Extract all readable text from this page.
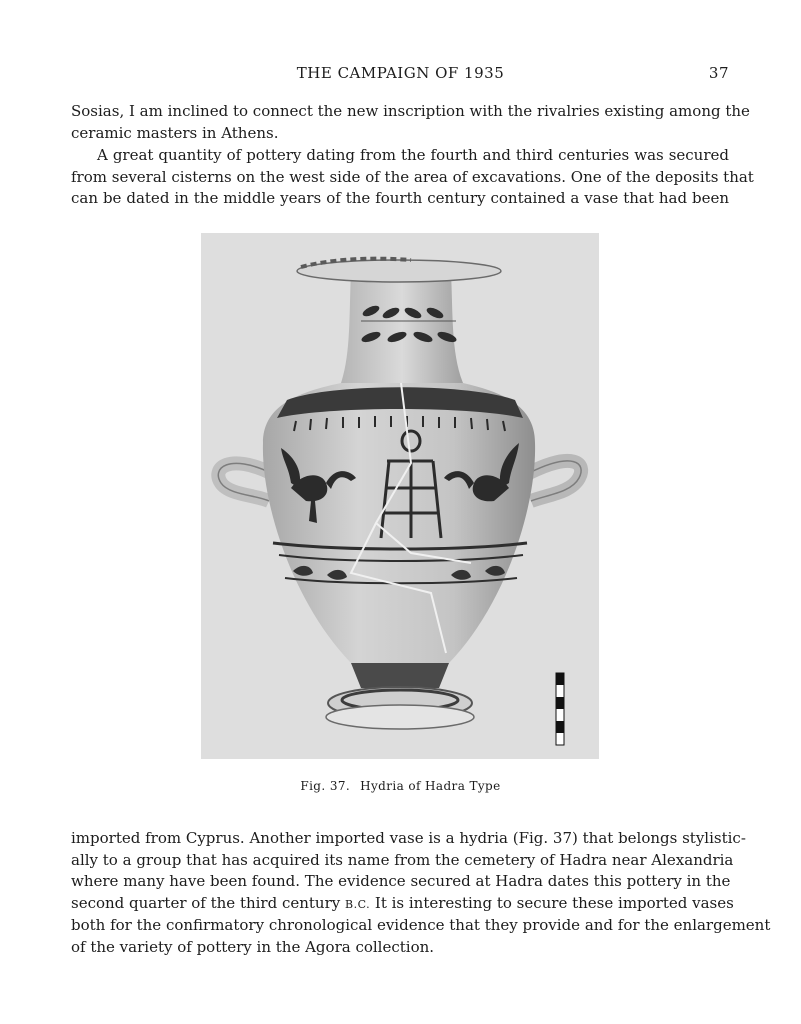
THE CAMPAIGN OF 1935	37

Sosias, I am inclined to connect the new inscription with the rivalries existing among the
ceramic masters in Athens.

A great quantity of pottery dating from the fourth and third centuries was secured
from several cisterns on the west side of the area of excavations. One of the deposits that
can be dated in the middle years of the fourth century contained a vase that had been

Fig. 37. Hydria of Hadra Type

imported from Cyprus. Another imported vase is a hydria (Fig. 37) that belongs stylistic-
ally to a group that has acquired its name from the cemetery of Hadra near Alexandria
where many have been found. The evidence secured at Hadra dates this pottery in the
second quarter of the third century B.C. It is interesting to secure these imported vases
both for the confirmatory chronological evidence that they provide and for the enlargement
of the variety of pottery in the Agora collection.
